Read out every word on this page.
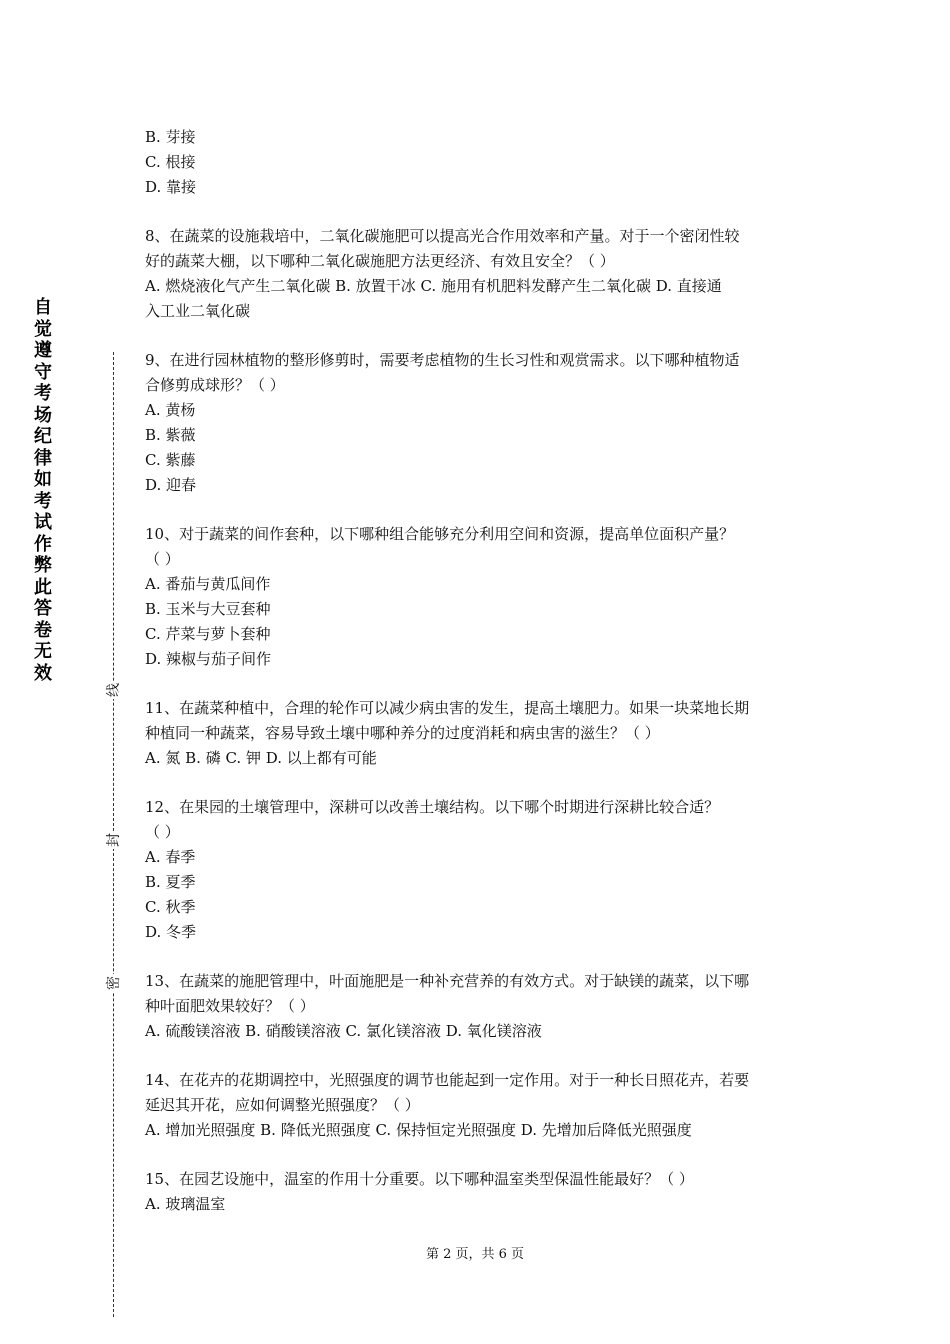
自
觉
遵
守
考
场
纪
律
如
考
试
作
弊
此
答
卷
无
效
线
封
密
B. 芽接
C. 根接
D. 靠接
8、在蔬菜的设施栽培中，二氧化碳施肥可以提高光合作用效率和产量。对于一个密闭性较
好的蔬菜大棚，以下哪种二氧化碳施肥方法更经济、有效且安全？（ ）
A. 燃烧液化气产生二氧化碳 B. 放置干冰 C. 施用有机肥料发酵产生二氧化碳 D. 直接通
入工业二氧化碳
9、在进行园林植物的整形修剪时，需要考虑植物的生长习性和观赏需求。以下哪种植物适
合修剪成球形？（ ）
A. 黄杨
B. 紫薇
C. 紫藤
D. 迎春
10、对于蔬菜的间作套种，以下哪种组合能够充分利用空间和资源，提高单位面积产量？
（ ）
A. 番茄与黄瓜间作
B. 玉米与大豆套种
C. 芹菜与萝卜套种
D. 辣椒与茄子间作
11、在蔬菜种植中，合理的轮作可以减少病虫害的发生，提高土壤肥力。如果一块菜地长期
种植同一种蔬菜，容易导致土壤中哪种养分的过度消耗和病虫害的滋生？（ ）
A. 氮 B. 磷 C. 钾 D. 以上都有可能
12、在果园的土壤管理中，深耕可以改善土壤结构。以下哪个时期进行深耕比较合适？
（ ）
A. 春季
B. 夏季
C. 秋季
D. 冬季
13、在蔬菜的施肥管理中，叶面施肥是一种补充营养的有效方式。对于缺镁的蔬菜，以下哪
种叶面肥效果较好？（ ）
A. 硫酸镁溶液 B. 硝酸镁溶液 C. 氯化镁溶液 D. 氧化镁溶液
14、在花卉的花期调控中，光照强度的调节也能起到一定作用。对于一种长日照花卉，若要
延迟其开花，应如何调整光照强度？（ ）
A. 增加光照强度 B. 降低光照强度 C. 保持恒定光照强度 D. 先增加后降低光照强度
15、在园艺设施中，温室的作用十分重要。以下哪种温室类型保温性能最好？（ ）
A. 玻璃温室
第 2 页，共 6 页
